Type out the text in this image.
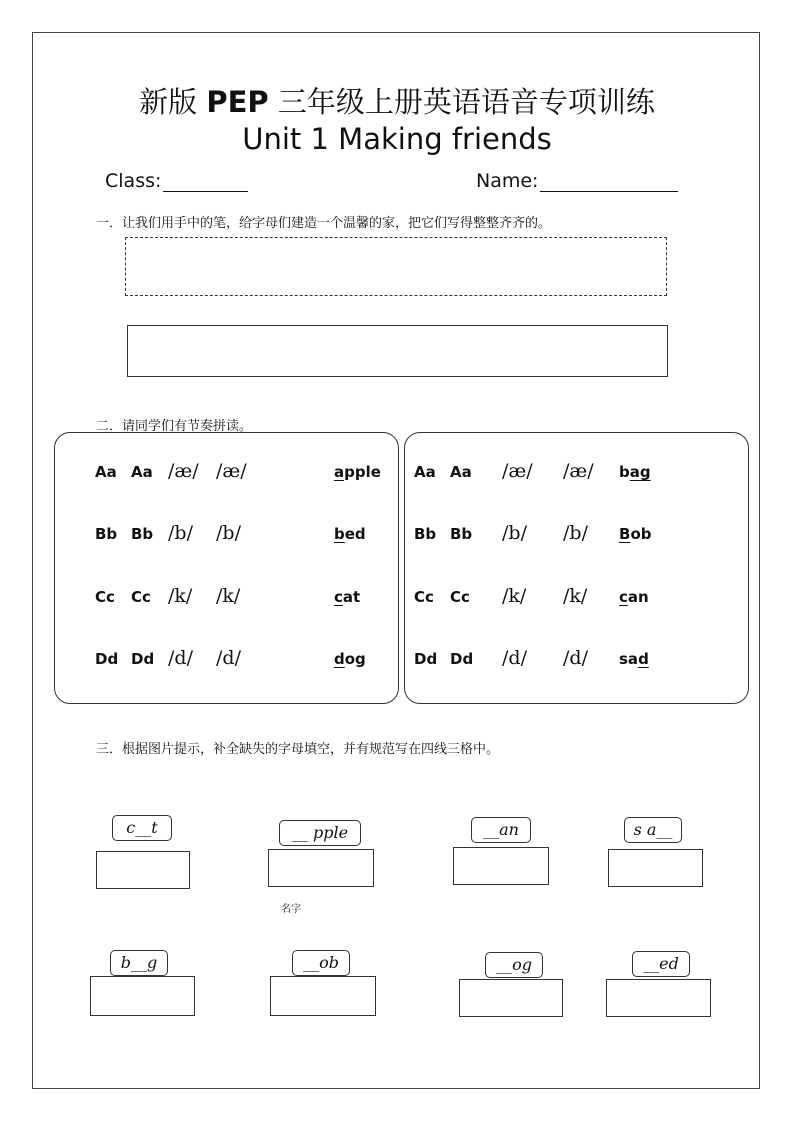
新版 PEP 三年级上册英语语音专项训练
Unit 1 Making friends
Class:	Name:
一．让我们用手中的笔，给字母们建造一个温馨的家，把它们写得整整齐齐的。
二．请同学们有节奏拼读。
Aa Aa /æ/ /æ/	apple
Bb Bb /b/ /b/	bed
Cc Cc /k/ /k/	cat
Dd Dd /d/ /d/	dog
Aa Aa /æ/ /æ/ bag
Bb Bb /b/ /b/ Bob
Cc Cc /k/ /k/ can
Dd Dd /d/ /d/ sad
三．根据图片提示，补全缺失的字母填空，并有规范写在四线三格中。
c__t	__ pple	__an	s a__
名字
b__g	__ob	__og	__ed
